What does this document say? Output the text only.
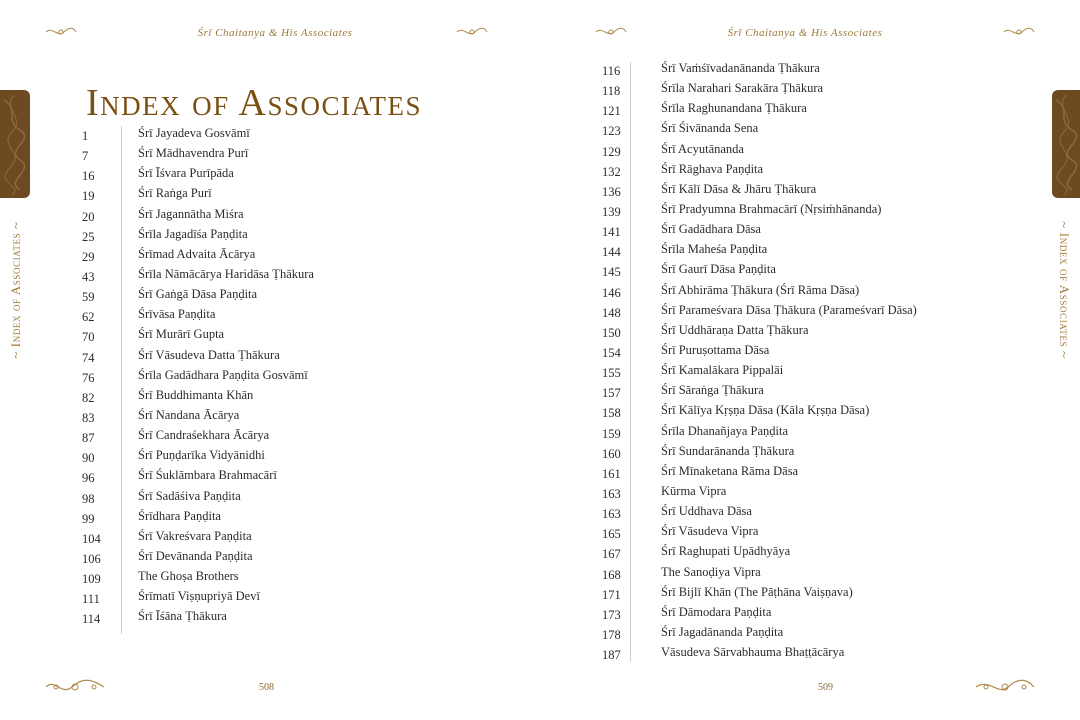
Śrī Chaitanya & His Associates
~ Index of Associates ~
Index of Associates
1	Śrī Jayadeva Gosvāmī
7	Śrī Mādhavendra Purī
16	Śrī Īśvara Purīpāda
19	Śrī Raṅga Purī
20	Śrī Jagannātha Miśra
25	Śrīla Jagadīśa Paṇḍita
29	Śrīmad Advaita Ācārya
43	Śrīla Nāmācārya Haridāsa Ṭhākura
59	Śrī Gaṅgā Dāsa Paṇḍita
62	Śrīvāsa Paṇḍita
70	Śrī Murārī Gupta
74	Śrī Vāsudeva Datta Ṭhākura
76	Śrīla Gadādhara Paṇḍita Gosvāmī
82	Śrī Buddhimanta Khān
83	Śrī Nandana Ācārya
87	Śrī Candraśekhara Ācārya
90	Śrī Puṇḍarīka Vidyānidhi
96	Śrī Śuklāmbara Brahmacārī
98	Śrī Sadāśiva Paṇḍita
99	Śrīdhara Paṇḍita
104	Śrī Vakreśvara Paṇḍita
106	Śrī Devānanda Paṇḍita
109	The Ghoṣa Brothers
111	Śrīmatī Viṣṇupriyā Devī
114	Śrī Īśāna Ṭhākura
508
Śrī Chaitanya & His Associates
~ Index of Associates ~
116	Śrī Vaṁśīvadanānanda Ṭhākura
118	Śrīla Narahari Sarakāra Ṭhākura
121	Śrīla Raghunandana Ṭhākura
123	Śrī Śivānanda Sena
129	Śrī Acyutānanda
132	Śrī Rāghava Paṇḍita
136	Śrī Kālī Dāsa & Jhāru Ṭhākura
139	Śrī Pradyumna Brahmacārī (Nṛsiṁhānanda)
141	Śrī Gadādhara Dāsa
144	Śrīla Maheśa Paṇḍita
145	Śrī Gaurī Dāsa Paṇḍita
146	Śrī Abhirāma Ṭhākura (Śrī Rāma Dāsa)
148	Śrī Parameśvara Dāsa Ṭhākura (Parameśvarī Dāsa)
150	Śrī Uddhāraṇa Datta Ṭhākura
154	Śrī Puruṣottama Dāsa
155	Śrī Kamalākara Pippalāi
157	Śrī Sāraṅga Ṭhākura
158	Śrī Kālīya Kṛṣṇa Dāsa (Kāla Kṛṣṇa Dāsa)
159	Śrīla Dhanañjaya Paṇḍita
160	Śrī Sundarānanda Ṭhākura
161	Śrī Mīnaketana Rāma Dāsa
163	Kūrma Vipra
163	Śrī Uddhava Dāsa
165	Śrī Vāsudeva Vipra
167	Śrī Raghupati Upādhyāya
168	The Sanoḍiya Vipra
171	Śrī Bijlī Khān (The Pāṭhāna Vaiṣṇava)
173	Śrī Dāmodara Paṇḍita
178	Śrī Jagadānanda Paṇḍita
187	Vāsudeva Sārvabhauma Bhaṭṭācārya
509
